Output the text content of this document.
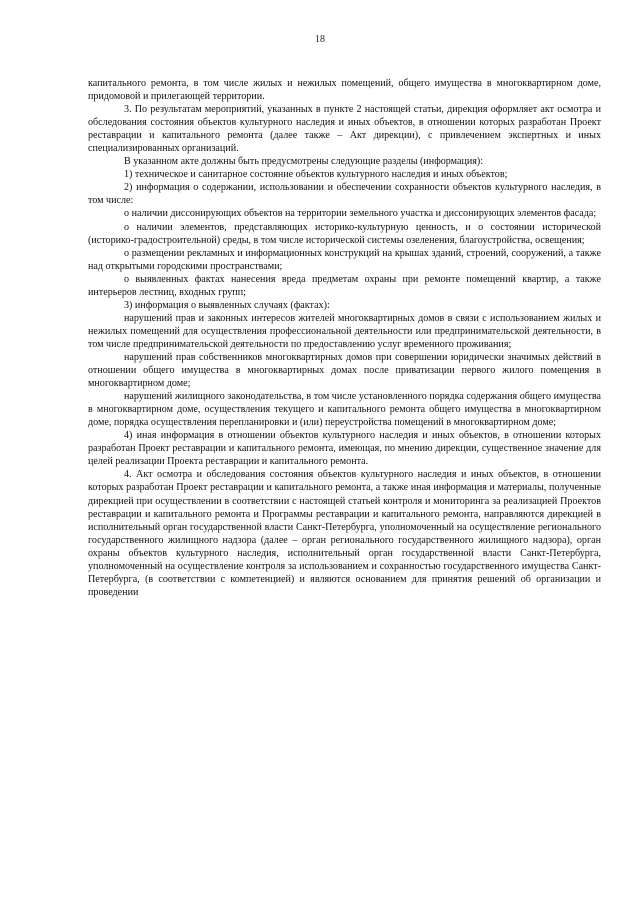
18

капитального ремонта, в том числе жилых и нежилых помещений, общего имущества в многоквартирном доме, придомовой и прилегающей территории.

3. По результатам мероприятий, указанных в пункте 2 настоящей статьи, дирекция оформляет акт осмотра и обследования состояния объектов культурного наследия и иных объектов, в отношении которых разработан Проект реставрации и капитального ремонта (далее также – Акт дирекции), с привлечением экспертных и иных специализированных организаций.

В указанном акте должны быть предусмотрены следующие разделы (информация):

1) техническое и санитарное состояние объектов культурного наследия и иных объектов;

2) информация о содержании, использовании и обеспечении сохранности объектов культурного наследия, в том числе:

о наличии диссонирующих объектов на территории земельного участка и диссонирующих элементов фасада;

о наличии элементов, представляющих историко-культурную ценность, и о состоянии исторической (историко-градостроительной) среды, в том числе исторической системы озеленения, благоустройства, освещения;

о размещении рекламных и информационных конструкций на крышах зданий, строений, сооружений, а также над открытыми городскими пространствами;

о выявленных фактах нанесения вреда предметам охраны при ремонте помещений квартир, а также интерьеров лестниц, входных групп;

3) информация о выявленных случаях (фактах):

нарушений прав и законных интересов жителей многоквартирных домов в связи с использованием жилых и нежилых помещений для осуществления профессиональной деятельности или предпринимательской деятельности, в том числе предпринимательской деятельности по предоставлению услуг временного проживания;

нарушений прав собственников многоквартирных домов при совершении юридически значимых действий в отношении общего имущества в многоквартирных домах после приватизации первого жилого помещения в многоквартирном доме;

нарушений жилищного законодательства, в том числе установленного порядка содержания общего имущества в многоквартирном доме, осуществления текущего и капитального ремонта общего имущества в многоквартирном доме, порядка осуществления перепланировки и (или) переустройства помещений в многоквартирном доме;

4) иная информация в отношении объектов культурного наследия и иных объектов, в отношении которых разработан Проект реставрации и капитального ремонта, имеющая, по мнению дирекции, существенное значение для целей реализации Проекта реставрации и капитального ремонта.

4. Акт осмотра и обследования состояния объектов культурного наследия и иных объектов, в отношении которых разработан Проект реставрации и капитального ремонта, а также иная информация и материалы, полученные дирекцией при осуществлении в соответствии с настоящей статьей контроля и мониторинга за реализацией Проектов реставрации и капитального ремонта и Программы реставрации и капитального ремонта, направляются дирекцией в исполнительный орган государственной власти Санкт-Петербурга, уполномоченный на осуществление регионального государственного жилищного надзора (далее – орган регионального государственного жилищного надзора), орган охраны объектов культурного наследия, исполнительный орган государственной власти Санкт-Петербурга, уполномоченный на осуществление контроля за использованием и сохранностью государственного имущества Санкт-Петербурга, (в соответствии с компетенцией) и являются основанием для принятия решений об организации и проведении
